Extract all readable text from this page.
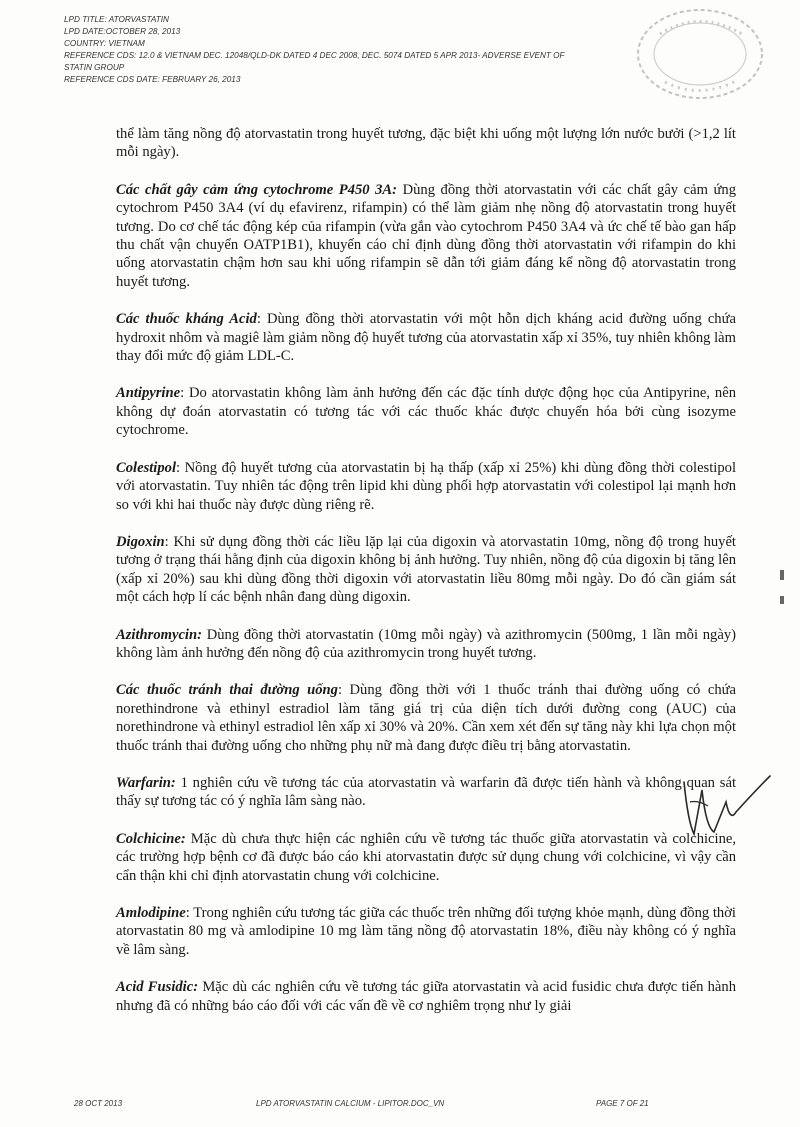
LPD TITLE: ATORVASTATIN
LPD DATE:OCTOBER 28, 2013
COUNTRY: VIETNAM
REFERENCE CDS: 12.0 & VIETNAM DEC. 12048/QLD-DK DATED 4 DEC 2008, DEC. 5074 DATED 5 APR 2013- ADVERSE EVENT OF
STATIN GROUP
REFERENCE CDS DATE: FEBRUARY 26, 2013

thể làm tăng nồng độ atorvastatin trong huyết tương, đặc biệt khi uống một lượng lớn nước bưởi (>1,2 lít mỗi ngày).

Các chất gây cảm ứng cytochrome P450 3A: Dùng đồng thời atorvastatin với các chất gây cảm ứng cytochrom P450 3A4 (ví dụ efavirenz, rifampin) có thể làm giảm nhẹ nồng độ atorvastatin trong huyết tương. Do cơ chế tác động kép của rifampin (vừa gắn vào cytochrom P450 3A4 và ức chế tế bào gan hấp thu chất vận chuyển OATP1B1), khuyến cáo chỉ định dùng đồng thời atorvastatin với rifampin do khi uống atorvastatin chậm hơn sau khi uống rifampin sẽ dẫn tới giảm đáng kể nồng độ atorvastatin trong huyết tương.

Các thuốc kháng Acid: Dùng đồng thời atorvastatin với một hỗn dịch kháng acid đường uống chứa hydroxit nhôm và magiê làm giảm nồng độ huyết tương của atorvastatin xấp xỉ 35%, tuy nhiên không làm thay đổi mức độ giảm LDL-C.

Antipyrine: Do atorvastatin không làm ảnh hưởng đến các đặc tính dược động học của Antipyrine, nên không dự đoán atorvastatin có tương tác với các thuốc khác được chuyển hóa bởi cùng isozyme cytochrome.

Colestipol: Nồng độ huyết tương của atorvastatin bị hạ thấp (xấp xỉ 25%) khi dùng đồng thời colestipol với atorvastatin. Tuy nhiên tác động trên lipid khi dùng phối hợp atorvastatin với colestipol lại mạnh hơn so với khi hai thuốc này được dùng riêng rẽ.

Digoxin: Khi sử dụng đồng thời các liều lặp lại của digoxin và atorvastatin 10mg, nồng độ trong huyết tương ở trạng thái hằng định của digoxin không bị ảnh hưởng. Tuy nhiên, nồng độ của digoxin bị tăng lên (xấp xỉ 20%) sau khi dùng đồng thời digoxin với atorvastatin liều 80mg mỗi ngày. Do đó cần giám sát một cách hợp lí các bệnh nhân đang dùng digoxin.

Azithromycin: Dùng đồng thời atorvastatin (10mg mỗi ngày) và azithromycin (500mg, 1 lần mỗi ngày) không làm ảnh hưởng đến nồng độ của azithromycin trong huyết tương.

Các thuốc tránh thai đường uống: Dùng đồng thời với 1 thuốc tránh thai đường uống có chứa norethindrone và ethinyl estradiol làm tăng giá trị của diện tích dưới đường cong (AUC) của norethindrone và ethinyl estradiol lên xấp xỉ 30% và 20%. Cần xem xét đến sự tăng này khi lựa chọn một thuốc tránh thai đường uống cho những phụ nữ mà đang được điều trị bằng atorvastatin.

Warfarin: 1 nghiên cứu về tương tác của atorvastatin và warfarin đã được tiến hành và không quan sát thấy sự tương tác có ý nghĩa lâm sàng nào.

Colchicine: Mặc dù chưa thực hiện các nghiên cứu về tương tác thuốc giữa atorvastatin và colchicine, các trường hợp bệnh cơ đã được báo cáo khi atorvastatin được sử dụng chung với colchicine, vì vậy cần cẩn thận khi chỉ định atorvastatin chung với colchicine.

Amlodipine: Trong nghiên cứu tương tác giữa các thuốc trên những đối tượng khỏe mạnh, dùng đồng thời atorvastatin 80 mg và amlodipine 10 mg làm tăng nồng độ atorvastatin 18%, điều này không có ý nghĩa về lâm sàng.

Acid Fusidic: Mặc dù các nghiên cứu về tương tác giữa atorvastatin và acid fusidic chưa được tiến hành nhưng đã có những báo cáo đối với các vấn đề về cơ nghiêm trọng như ly giải

28 OCT 2013	LPD ATORVASTATIN CALCIUM - LIPITOR.DOC_VN	PAGE 7 OF 21
